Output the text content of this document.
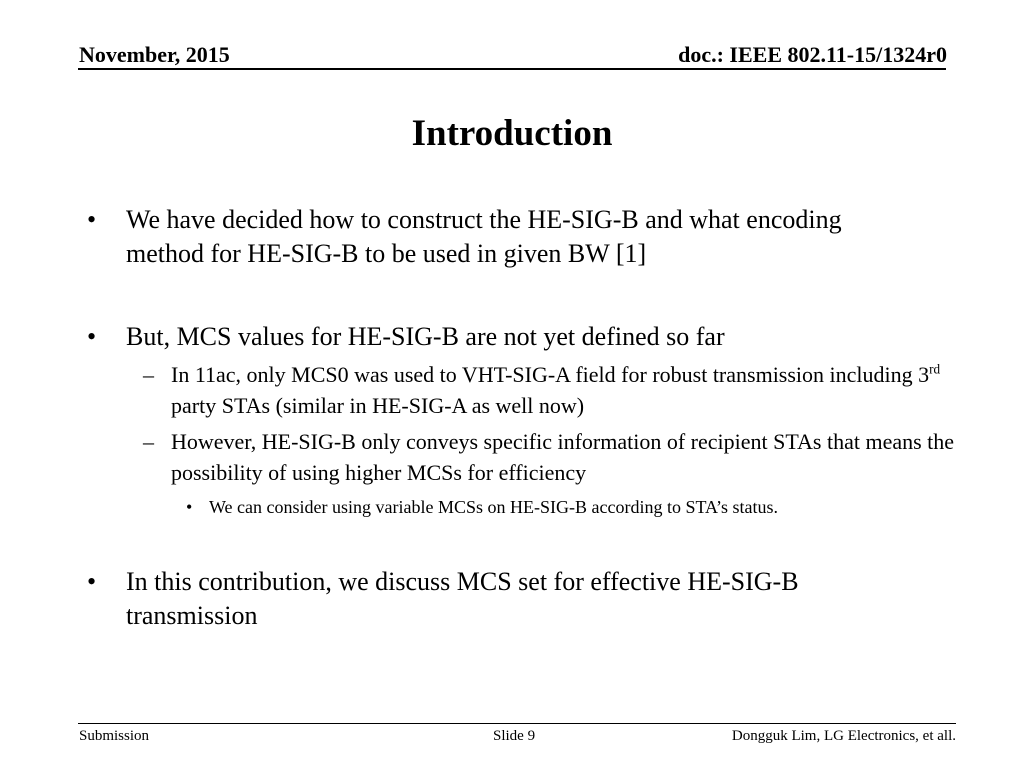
November, 2015	doc.: IEEE 802.11-15/1324r0
Introduction
• We have decided how to construct the HE-SIG-B and what encoding method for HE-SIG-B to be used in given BW [1]
• But, MCS values for HE-SIG-B are not yet defined so far
– In 11ac, only MCS0 was used to VHT-SIG-A field for robust transmission including 3rd party STAs (similar in HE-SIG-A as well now)
– However, HE-SIG-B only conveys specific information of recipient STAs that means the possibility of using higher MCSs for efficiency
• We can consider using variable MCSs on HE-SIG-B according to STA’s status.
• In this contribution, we discuss MCS set for effective HE-SIG-B transmission
Submission	Slide 9	Dongguk Lim, LG Electronics, et all.
